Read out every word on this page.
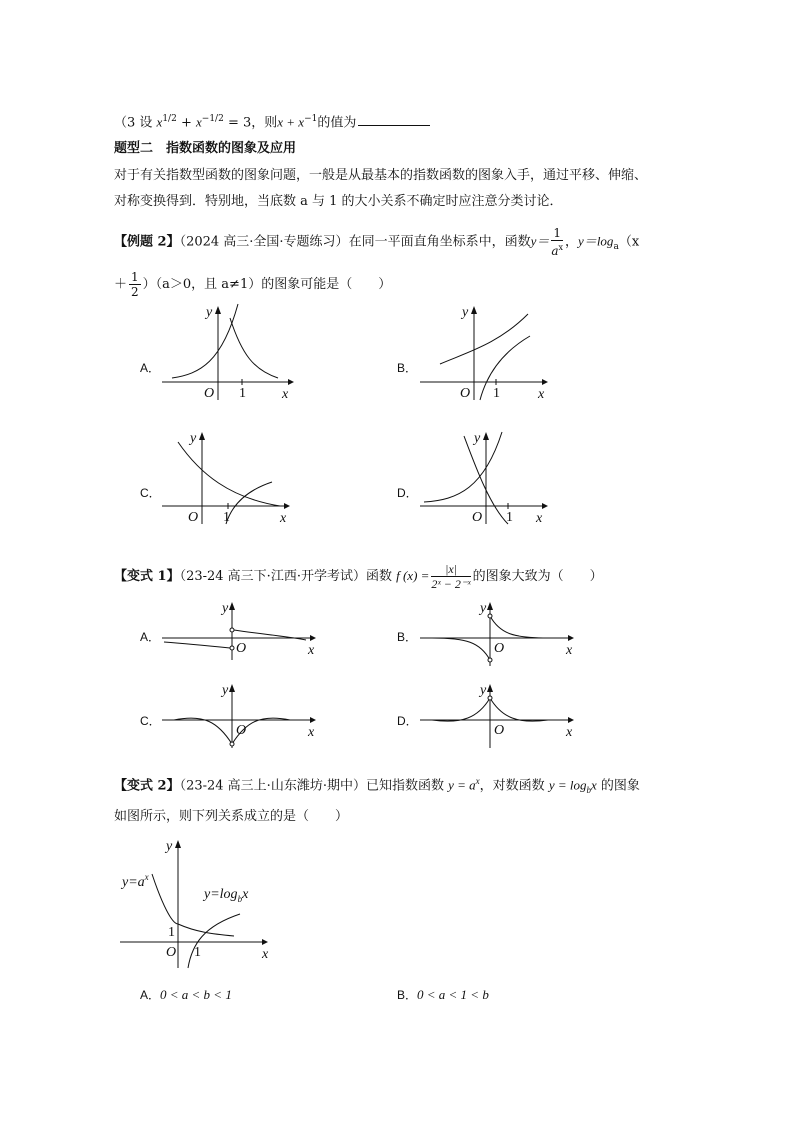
（3 设 $x^{1/2} + x^{-1/2} = 3$，则$x + x^{-1}$的值为
题型二　指数函数的图象及应用
对于有关指数型函数的图象问题，一般是从最基本的指数函数的图象入手，通过平移、伸缩、
对称变换得到．特别地，当底数 a 与 1 的大小关系不确定时应注意分类讨论．
【例题 2】（2024 高三·全国·专题练习）在同一平面直角坐标系中，函数$y= \frac{1}{a^x}$ ，$y=\log_a(x$
＋ $\frac{1}{2} )(a>0$，且 a≠1）的图象可能是（　　）
A．	B．
C．	D．
O 1	x
y
O 1	x
y
O 1	x
y
O 1 x
y
【变式 1】（23-24 高三下·江西·开学考试）函数 f $(x) = \frac{|x|}{\text{2ˣ − 2⁻ˣ}}$ 的图象大致为（　　）
A．	B．
C．	D．
O	x
y
O	x
y
O	x
y
O	x
y
【变式 2】（23-24 高三上·山东潍坊·期中）已知指数函数 $y = a^x$，对数函数 $y = \log_bx$ 的图象
如图所示，则下列关系成立的是（　　）
$y=a^x$
$y=\log_bx$
1
O 1	x
y
A．0 < a < b < 1	B．0 < a < 1 < b
